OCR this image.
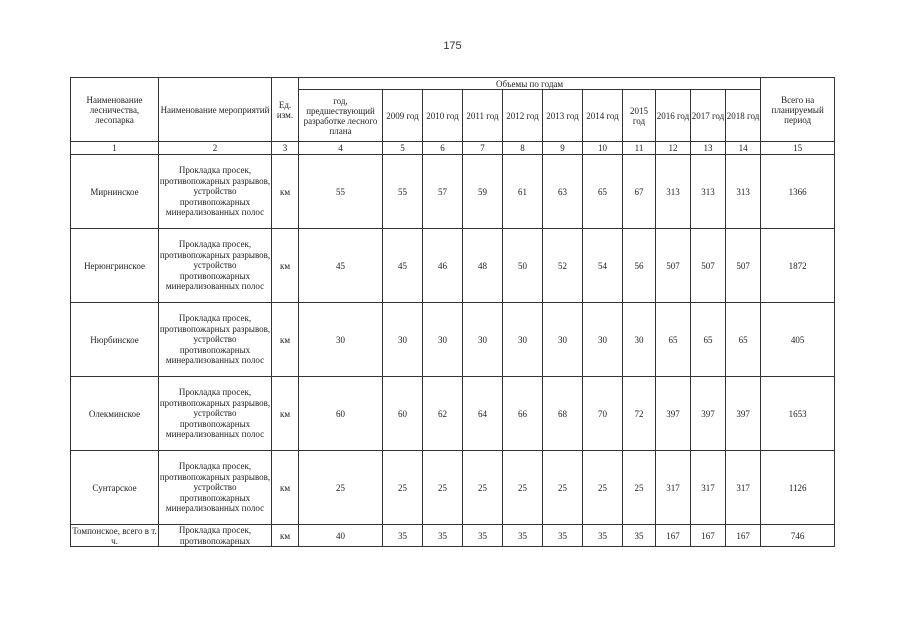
175
Наименование лесничества, лесопарка	Наименование мероприятий	Ед. изм.	Объемы по годам											Всего на планируемый период
			год, предшествующий разработке лесного плана	2009 год	2010 год	2011 год	2012 год	2013 год	2014 год	2015 год	2016 год	2017 год	2018 год	
1	2	3	4	5	6	7	8	9	10	11	12	13	14	15
Мирнинское	Прокладка просек, противопожарных разрывов, устройство противопожарных минерализованных полос	км	55	55	57	59	61	63	65	67	313	313	313	1366
Нерюнгринское	Прокладка просек, противопожарных разрывов, устройство противопожарных минерализованных полос	км	45	45	46	48	50	52	54	56	507	507	507	1872
Нюрбинское	Прокладка просек, противопожарных разрывов, устройство противопожарных минерализованных полос	км	30	30	30	30	30	30	30	30	65	65	65	405
Олекминское	Прокладка просек, противопожарных разрывов, устройство противопожарных минерализованных полос	км	60	60	62	64	66	68	70	72	397	397	397	1653
Сунтарское	Прокладка просек, противопожарных разрывов, устройство противопожарных минерализованных полос	км	25	25	25	25	25	25	25	25	317	317	317	1126
Томпонское, всего в т. ч.	Прокладка просек, противопожарных	км	40	35	35	35	35	35	35	35	167	167	167	746
